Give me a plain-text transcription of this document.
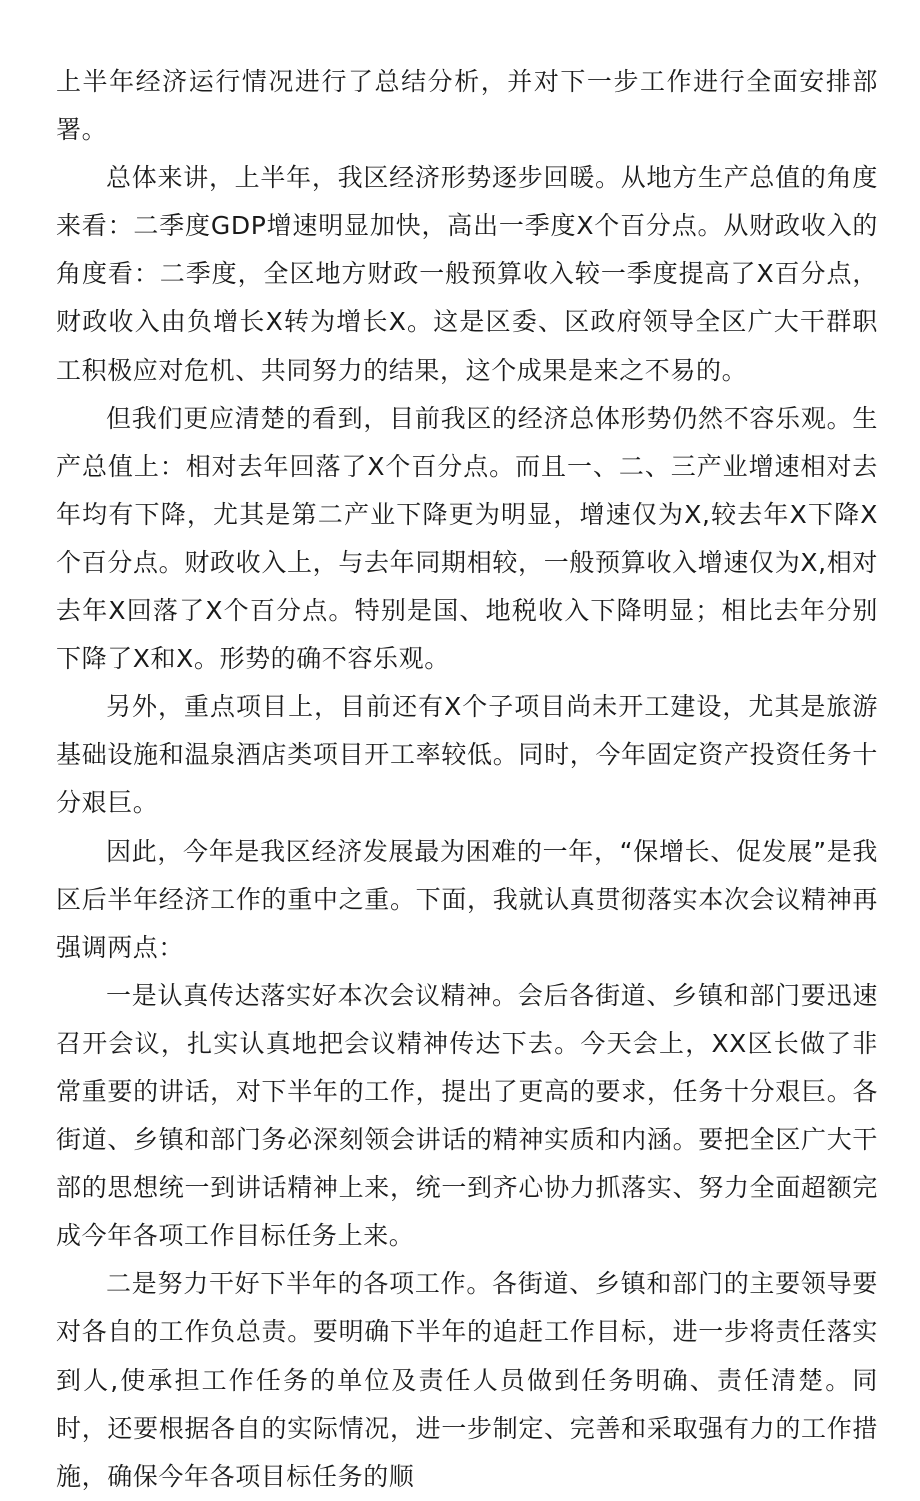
上半年经济运行情况进行了总结分析，并对下一步工作进行全面安排部署。

总体来讲，上半年，我区经济形势逐步回暖。从地方生产总值的角度来看：二季度GDP增速明显加快，高出一季度X个百分点。从财政收入的角度看：二季度，全区地方财政一般预算收入较一季度提高了X百分点，财政收入由负增长X转为增长X。这是区委、区政府领导全区广大干群职工积极应对危机、共同努力的结果，这个成果是来之不易的。

但我们更应清楚的看到，目前我区的经济总体形势仍然不容乐观。生产总值上：相对去年回落了X个百分点。而且一、二、三产业增速相对去年均有下降，尤其是第二产业下降更为明显，增速仅为X,较去年X下降X个百分点。财政收入上，与去年同期相较，一般预算收入增速仅为X,相对去年X回落了X个百分点。特别是国、地税收入下降明显；相比去年分别下降了X和X。形势的确不容乐观。

另外，重点项目上，目前还有X个子项目尚未开工建设，尤其是旅游基础设施和温泉酒店类项目开工率较低。同时，今年固定资产投资任务十分艰巨。

因此，今年是我区经济发展最为困难的一年，“保增长、促发展”是我区后半年经济工作的重中之重。下面，我就认真贯彻落实本次会议精神再强调两点：

一是认真传达落实好本次会议精神。会后各街道、乡镇和部门要迅速召开会议，扎实认真地把会议精神传达下去。今天会上，XX区长做了非常重要的讲话，对下半年的工作，提出了更高的要求，任务十分艰巨。各街道、乡镇和部门务必深刻领会讲话的精神实质和内涵。要把全区广大干部的思想统一到讲话精神上来，统一到齐心协力抓落实、努力全面超额完成今年各项工作目标任务上来。

二是努力干好下半年的各项工作。各街道、乡镇和部门的主要领导要对各自的工作负总责。要明确下半年的追赶工作目标，进一步将责任落实到人,使承担工作任务的单位及责任人员做到任务明确、责任清楚。同时，还要根据各自的实际情况，进一步制定、完善和采取强有力的工作措施，确保今年各项目标任务的顺
